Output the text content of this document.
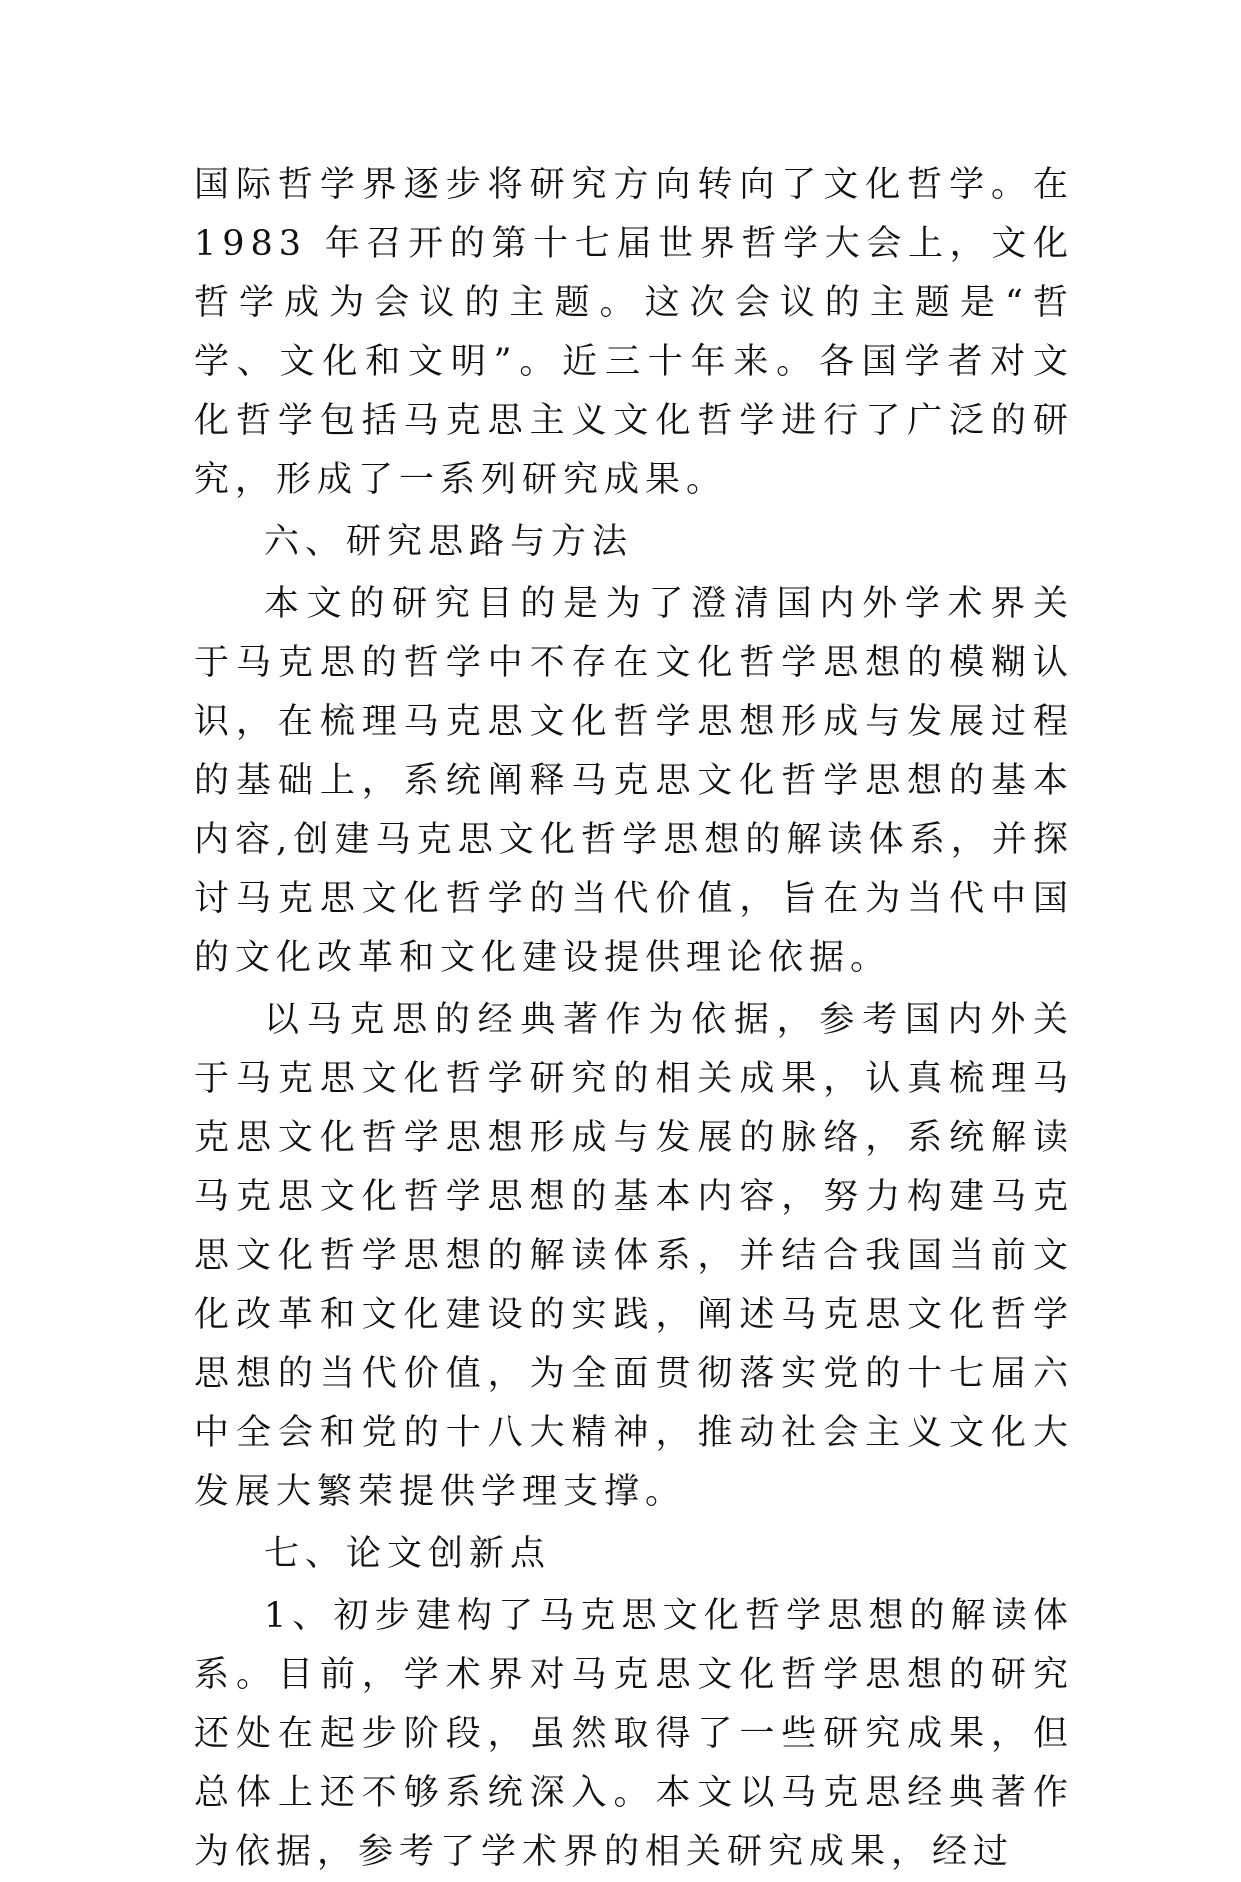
国际哲学界逐步将研究方向转向了文化哲学。在 1983 年召开的第十七届世界哲学大会上，文化哲学成为会议的主题。这次会议的主题是“哲学、文化和文明”。近三十年来。各国学者对文化哲学包括马克思主义文化哲学进行了广泛的研究，形成了一系列研究成果。

六、研究思路与方法

本文的研究目的是为了澄清国内外学术界关于马克思的哲学中不存在文化哲学思想的模糊认识，在梳理马克思文化哲学思想形成与发展过程的基础上，系统阐释马克思文化哲学思想的基本内容,创建马克思文化哲学思想的解读体系，并探讨马克思文化哲学的当代价值，旨在为当代中国的文化改革和文化建设提供理论依据。

以马克思的经典著作为依据，参考国内外关于马克思文化哲学研究的相关成果，认真梳理马克思文化哲学思想形成与发展的脉络，系统解读马克思文化哲学思想的基本内容，努力构建马克思文化哲学思想的解读体系，并结合我国当前文化改革和文化建设的实践，阐述马克思文化哲学思想的当代价值，为全面贯彻落实党的十七届六中全会和党的十八大精神，推动社会主义文化大发展大繁荣提供学理支撑。

七、论文创新点

1、初步建构了马克思文化哲学思想的解读体系。目前，学术界对马克思文化哲学思想的研究还处在起步阶段，虽然取得了一些研究成果，但总体上还不够系统深入。本文以马克思经典著作为依据，参考了学术界的相关研究成果，经过
